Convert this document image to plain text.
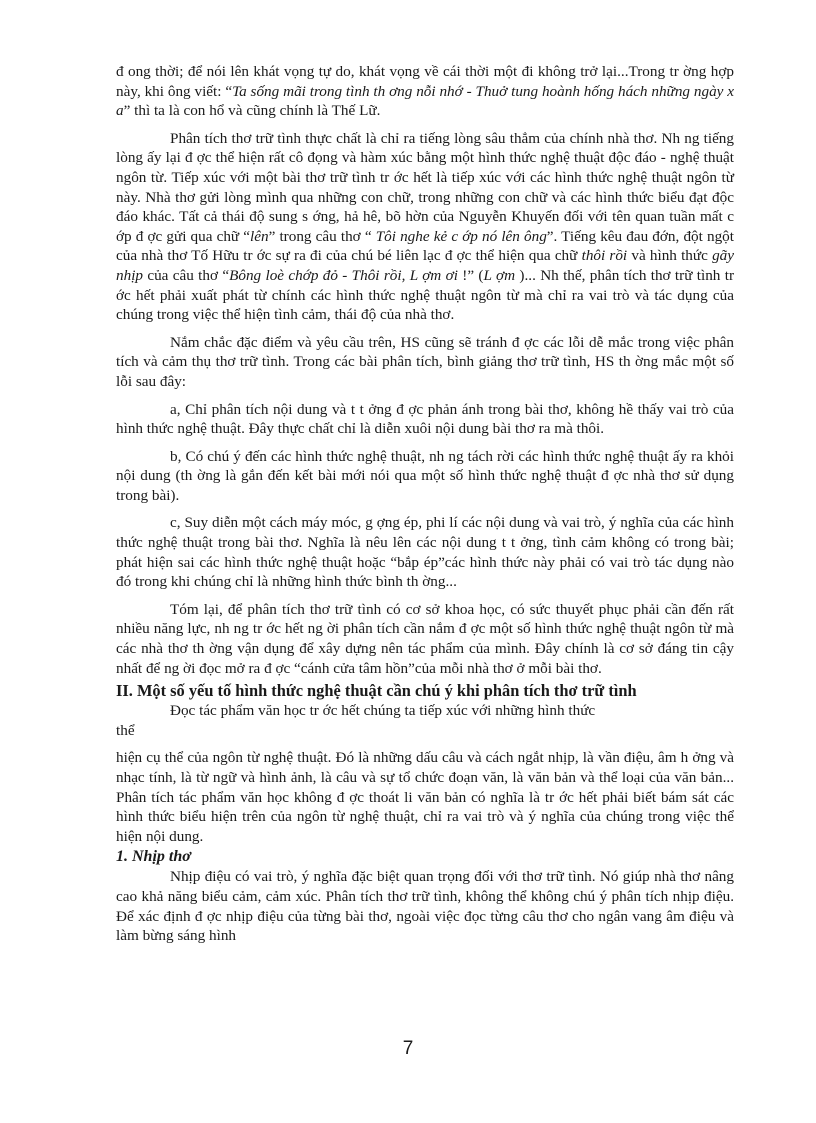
đ ong thời; để nói lên khát vọng tự do, khát vọng về cái thời một đi không trở lại...Trong tr ờng hợp này, khi ông viết: “Ta sống mãi trong tình th ơng nỗi nhớ - Thuở tung hoành hống hách những ngày x a” thì ta là con hổ và cũng chính là Thế Lữ.

Phân tích thơ trữ tình thực chất là chỉ ra tiếng lòng sâu thẳm của chính nhà thơ. Nh ng tiếng lòng ấy lại đ ợc thể hiện rất cô đọng và hàm xúc bằng một hình thức nghệ thuật độc đáo - nghệ thuật ngôn từ. Tiếp xúc với một bài thơ trữ tình tr ớc hết là tiếp xúc với các hình thức nghệ thuật ngôn từ này. Nhà thơ gửi lòng mình qua những con chữ, trong những con chữ và các hình thức biểu đạt độc đáo khác. Tất cả thái độ sung s ớng, hả hê, bõ hờn của Nguyễn Khuyến đối với tên quan tuần mất c ớp đ ợc gửi qua chữ “lên” trong câu thơ “ Tôi nghe kẻ c ớp nó lên ông”. Tiếng kêu đau đớn, đột ngột của nhà thơ Tố Hữu tr ớc sự ra đi của chú bé liên lạc đ ợc thể hiện qua chữ thôi rồi và hình thức gãy nhịp của câu thơ “Bông loè chớp đỏ - Thôi rồi, L ợm ơi !” (L ợm )... Nh thế, phân tích thơ trữ tình tr ớc hết phải xuất phát từ chính các hình thức nghệ thuật ngôn từ mà chỉ ra vai trò và tác dụng của chúng trong việc thể hiện tình cảm, thái độ của nhà thơ.

Nắm chắc đặc điểm và yêu cầu trên, HS cũng sẽ tránh đ ợc các lỗi dễ mắc trong việc phân tích và cảm thụ thơ trữ tình. Trong các bài phân tích, bình giảng thơ trữ tình, HS th ờng mắc một số lỗi sau đây:

a, Chỉ phân tích nội dung và t t ởng đ ợc phản ánh trong bài thơ, không hề thấy vai trò của hình thức nghệ thuật. Đây thực chất chỉ là diễn xuôi nội dung bài thơ ra mà thôi.

b, Có chú ý đến các hình thức nghệ thuật, nh ng tách rời các hình thức nghệ thuật ấy ra khỏi nội dung (th ờng là gắn đến kết bài mới nói qua một số hình thức nghệ thuật đ ợc nhà thơ sử dụng trong bài).

c, Suy diễn một cách máy móc, g ợng ép, phi lí các nội dung và vai trò, ý nghĩa của các hình thức nghệ thuật trong bài thơ. Nghĩa là nêu lên các nội dung t t ởng, tình cảm không có trong bài; phát hiện sai các hình thức nghệ thuật hoặc “bắp ép”các hình thức này phải có vai trò tác dụng nào đó trong khi chúng chỉ là những hình thức bình th ờng...

Tóm lại, để phân tích thơ trữ tình có cơ sở khoa học, có sức thuyết phục phải cần đến rất nhiều năng lực, nh ng tr ớc hết ng ời phân tích cần nắm đ ợc một số hình thức nghệ thuật ngôn từ mà các nhà thơ th ờng vận dụng để xây dựng nên tác phẩm của mình. Đây chính là cơ sở đáng tin cậy nhất để ng ời đọc mở ra đ ợc “cánh cửa tâm hồn”của mỗi nhà thơ ở mỗi bài thơ.

II. Một số yếu tố hình thức nghệ thuật cần chú ý khi phân tích thơ trữ tình

Đọc tác phẩm văn học tr ớc hết chúng ta tiếp xúc với những hình thức

thể

hiện cụ thể của ngôn từ nghệ thuật. Đó là những dấu câu và cách ngắt nhịp, là vần điệu, âm h ởng và nhạc tính, là từ ngữ và hình ảnh, là câu và sự tổ chức đoạn văn, là văn bản và thể loại của văn bản... Phân tích tác phẩm văn học không đ ợc thoát li văn bản có nghĩa là tr ớc hết phải biết bám sát các hình thức biểu hiện trên của ngôn từ nghệ thuật, chỉ ra vai trò và ý nghĩa của chúng trong việc thể hiện nội dung.

1. Nhịp thơ

Nhịp điệu có vai trò, ý nghĩa đặc biệt quan trọng đối với thơ trữ tình. Nó giúp nhà thơ nâng cao khả năng biểu cảm, cảm xúc. Phân tích thơ trữ tình, không thể không chú ý phân tích nhịp điệu. Để xác định đ ợc nhịp điệu của từng bài thơ, ngoài việc đọc từng câu thơ cho ngân vang âm điệu và làm bừng sáng hình

7
